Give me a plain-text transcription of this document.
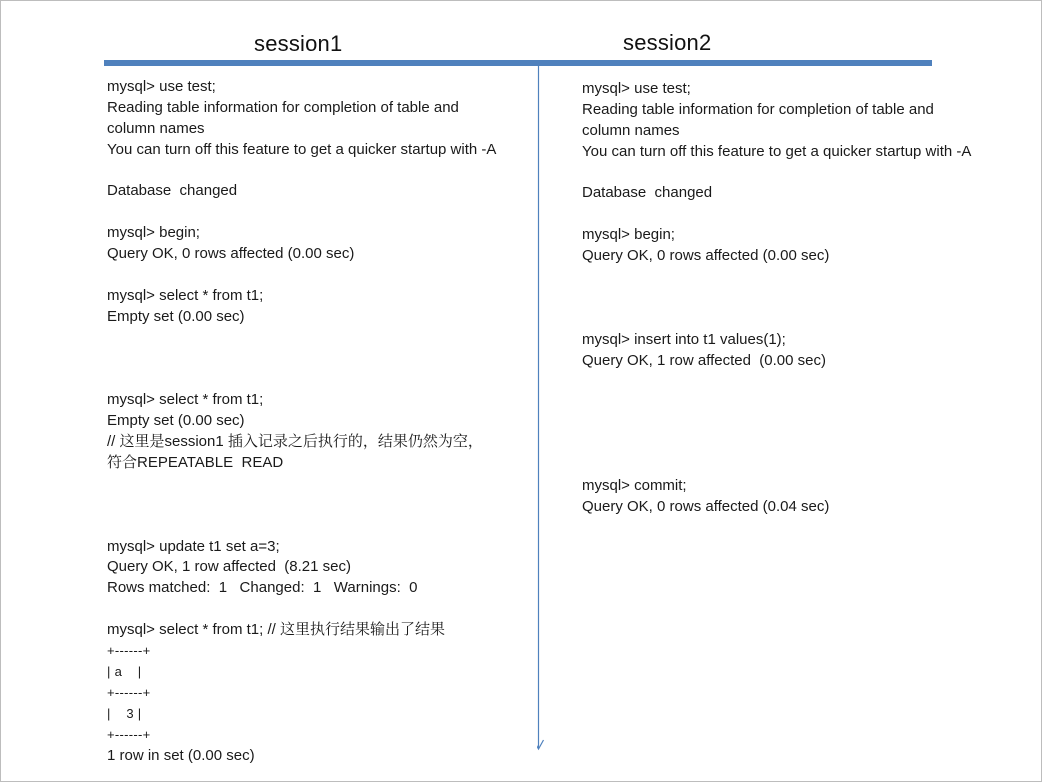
session1	session2
mysql> use test;
Reading table information for completion of table and
column names
You can turn off this feature to get a quicker startup with -A

Database  changed

mysql> begin;
Query OK, 0 rows affected (0.00 sec)

mysql> select * from t1;
Empty set (0.00 sec)

mysql> select * from t1;
Empty set (0.00 sec)
// 这里是session1 插入记录之后执行的，结果仍然为空，
符合REPEATABLE  READ

mysql> update t1 set a=3;
Query OK, 1 row affected  (8.21 sec)
Rows matched:  1   Changed:  1   Warnings:  0

mysql> select * from t1; // 这里执行结果输出了结果
+------+
| a    |
+------+
|    3 |
+------+
1 row in set (0.00 sec)
mysql> use test;
Reading table information for completion of table and
column names
You can turn off this feature to get a quicker startup with -A

Database  changed

mysql> begin;
Query OK, 0 rows affected (0.00 sec)

mysql> insert into t1 values(1);
Query OK, 1 row affected  (0.00 sec)

mysql> commit;
Query OK, 0 rows affected (0.04 sec)
